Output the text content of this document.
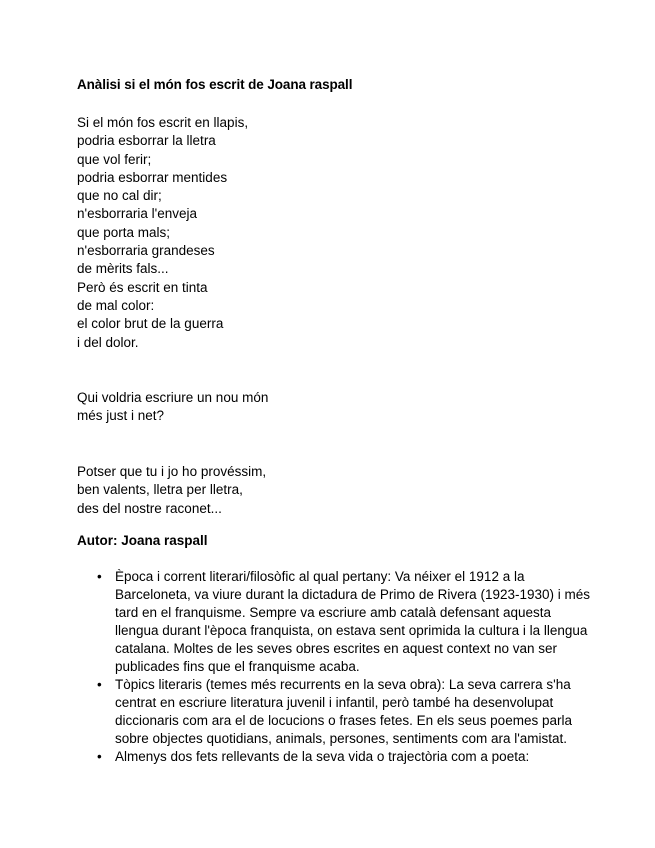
Anàlisi si el món fos escrit de Joana raspall
Si el món fos escrit en llapis,
podria esborrar la lletra
que vol ferir;
podria esborrar mentides
que no cal dir;
n'esborraria l'enveja
que porta mals;
n'esborraria grandeses
de mèrits fals...
Però és escrit en tinta
de mal color:
el color brut de la guerra
i del dolor.
Qui voldria escriure un nou món
més just i net?
Potser que tu i jo ho provéssim,
ben valents, lletra per lletra,
des del nostre raconet...
Autor: Joana raspall
• Època i corrent literari/filosòfic al qual pertany: Va néixer el 1912 a la Barceloneta, va viure durant la dictadura de Primo de Rivera (1923-1930) i més tard en el franquisme. Sempre va escriure amb català defensant aquesta llengua durant l'època franquista, on estava sent oprimida la cultura i la llengua catalana. Moltes de les seves obres escrites en aquest context no van ser publicades fins que el franquisme acaba.
• Tòpics literaris (temes més recurrents en la seva obra): La seva carrera s'ha centrat en escriure literatura juvenil i infantil, però també ha desenvolupat diccionaris com ara el de locucions o frases fetes. En els seus poemes parla sobre objectes quotidians, animals, persones, sentiments com ara l'amistat.
• Almenys dos fets rellevants de la seva vida o trajectòria com a poeta:
